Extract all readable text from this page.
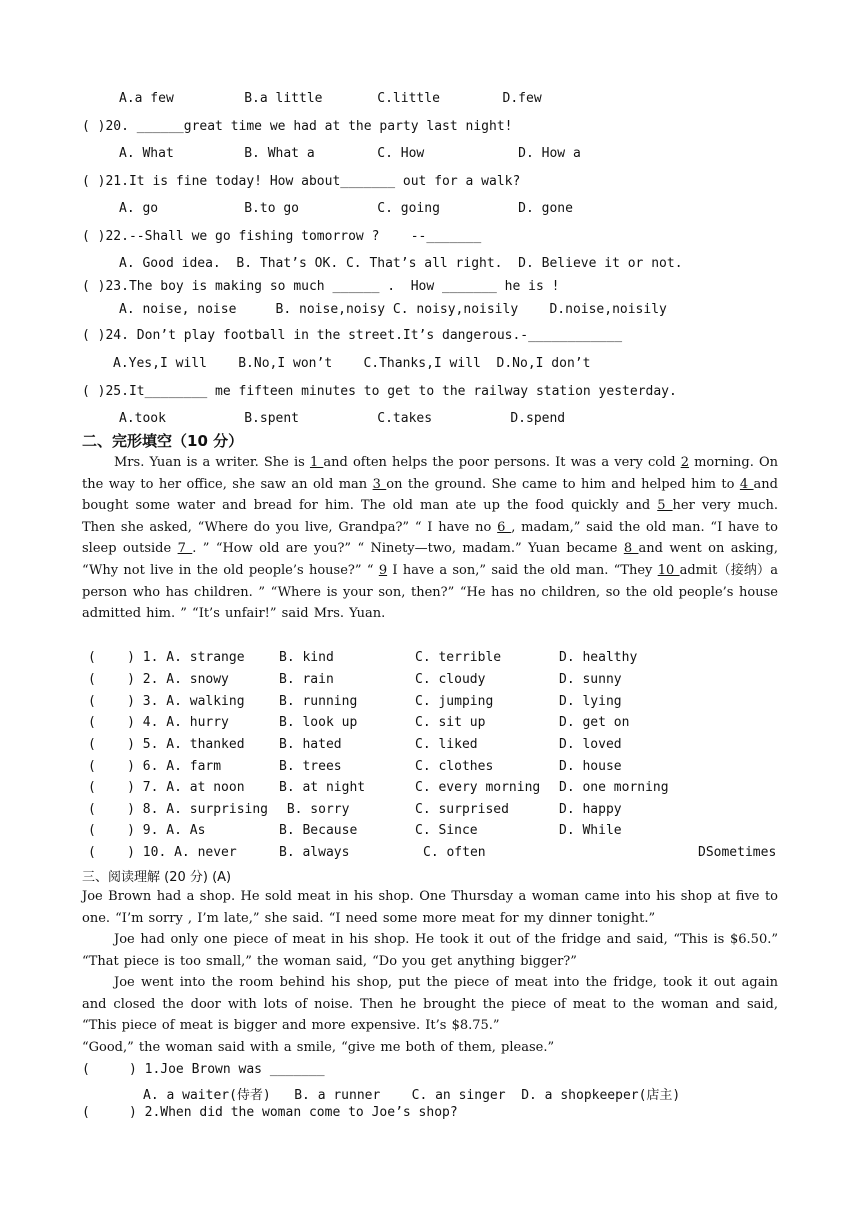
A.a few         B.a little       C.little        D.few
( )20. ______great time we had at the party last night!
A. What         B. What a        C. How            D. How a
( )21.It is fine today! How about_______ out for a walk?
A. go           B.to go          C. going          D. gone
( )22.--Shall we go fishing tomorrow ?    --_______
A. Good idea.  B. That’s OK. C. That’s all right.  D. Believe it or not.
( )23.The boy is making so much ______ .  How _______ he is !
A. noise, noise     B. noise,noisy C. noisy,noisily    D.noise,noisily
( )24. Don’t play football in the street.It’s dangerous.-____________
A.Yes,I will    B.No,I won’t    C.Thanks,I will  D.No,I don’t
( )25.It________ me fifteen minutes to get to the railway station yesterday.
A.took          B.spent          C.takes          D.spend
二、完形填空（10 分）
Mrs. Yuan is a writer. She is 1 and often helps the poor persons. It was a very cold 2 morning. On the way to her office, she saw an old man 3 on the ground. She came to him and helped him to 4 and bought some water and bread for him. The old man ate up the food quickly and 5 her very much. Then she asked, “Where do you live, Grandpa?” “ I have no 6 , madam,” said the old man. “I have to sleep outside 7 . ” “How old are you?” “ Ninety—two, madam.” Yuan became 8 and went on asking, “Why not live in the old people’s house?” “ 9 I have a son,” said the old man. “They 10 admit（接纳）a person who has children. ” “Where is your son, then?” “He has no children, so the old people’s house admitted him. ” “It’s unfair!” said Mrs. Yuan.
(    ) 1. A. strange	B. kind	C. terrible	D. healthy
(    ) 2. A. snowy	B. rain	C. cloudy	D. sunny
(    ) 3. A. walking	B. running	C. jumping	D. lying
(    ) 4. A. hurry	B. look up	C. sit up	D. get on
(    ) 5. A. thanked	B. hated	C. liked	D. loved
(    ) 6. A. farm	B. trees	C. clothes	D. house
(    ) 7. A. at noon	B. at night	C. every morning D. one morning
(    ) 8. A. surprising B. sorry	C. surprised	D. happy
(    ) 9. A. As	B. Because	C. Since	D. While
(    ) 10. A. never	B. always	C. often	DSometimes
三、阅读理解 (20 分) (A)
Joe Brown had a shop. He sold meat in his shop. One Thursday a woman came into his shop at five to one. “I’m sorry , I’m late,” she said. “I need some more meat for my dinner tonight.”
Joe had only one piece of meat in his shop. He took it out of the fridge and said, “This is $6.50.” “That piece is too small,” the woman said, “Do you get anything bigger?”
Joe went into the room behind his shop, put the piece of meat into the fridge, took it out again and closed the door with lots of noise. Then he brought the piece of meat to the woman and said, “This piece of meat is bigger and more expensive. It’s $8.75.”
“Good,” the woman said with a smile, “give me both of them, please.”
(     ) 1.Joe Brown was _______
A. a waiter(侍者)   B. a runner    C. an singer  D. a shopkeeper(店主)
(     ) 2.When did the woman come to Joe’s shop?
